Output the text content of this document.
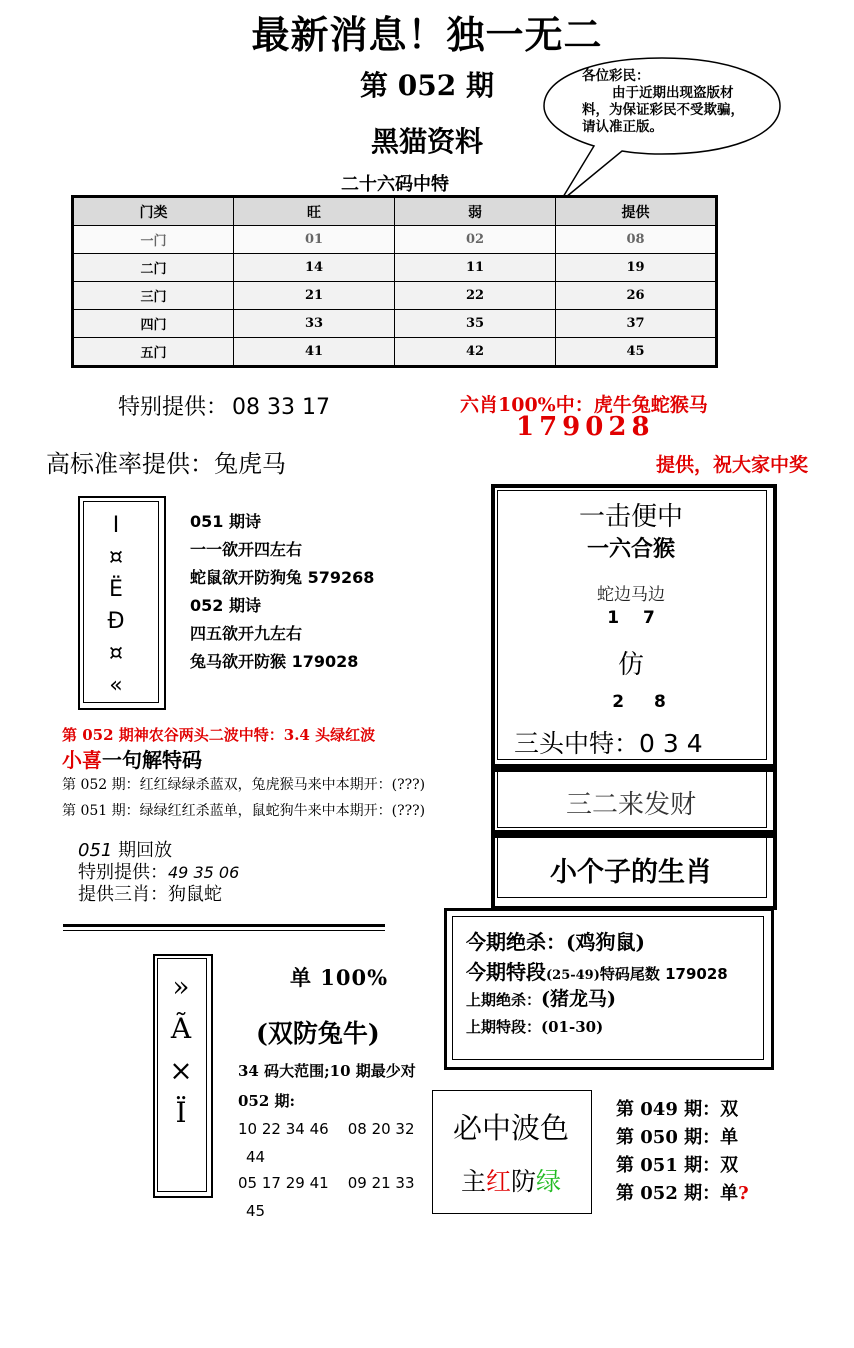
最新消息！独一无二
第 052 期
黑猫资料
二十六码中特
各位彩民：
由于近期出现盗版材料，为保证彩民不受欺骗，请认准正版。
门类	旺	弱	提供
一门	01	02	08
二门	14	11	19
三门	21	22	26
四门	33	35	37
五门	41	42	45
特别提供： 08 33 17
高标准率提供：兔虎马
六肖100%中：虎牛兔蛇猴马
179028
提供，祝大家中奖
I
¤
Ë
Đ
¤
«
051 期诗
一一欲开四左右
蛇鼠欲开防狗兔 579268
052 期诗
四五欲开九左右
兔马欲开防猴 179028
第 052 期神农谷两头二波中特：3.4 头绿红波
小喜一句解特码
第 052 期：红红绿绿杀蓝双，兔虎猴马来中本期开：(???)
第 051 期：绿绿红红杀蓝单，鼠蛇狗牛来中本期开：(???)
051 期回放
特别提供：49 35 06
提供三肖：狗鼠蛇
一击便中
一六合猴
蛇边马边
1 7
仿
2 8
三头中特：0 3 4
三二来发财
小个子的生肖
今期绝杀：(鸡狗鼠)
今期特段(25-49)特码尾数 179028
上期绝杀：(猪龙马)
上期特段：(01-30)
»
Ã
×
Ï
单 100%
(双防兔牛)
34 码大范围;10 期最少对
052 期:
10 22 34 46    08 20 32
44
05 17 29 41    09 21 33
45
必中波色
主红防绿
第 049 期：双
第 050 期：单
第 051 期：双
第 052 期：单?
